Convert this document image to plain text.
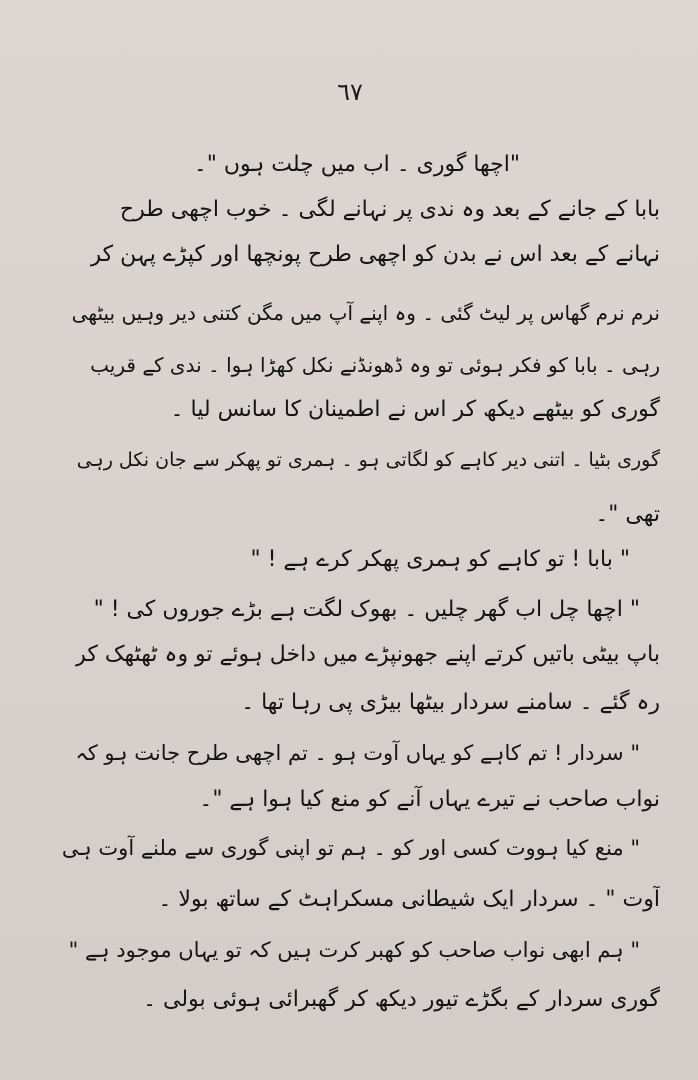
٦٧
"اچھا گوری ۔ اب میں چلت ہوں "۔
بابا کے جانے کے بعد وہ ندی پر نہانے لگی ۔ خوب اچھی طرح
نہانے کے بعد اس نے بدن کو اچھی طرح پونچھا اور کپڑے پہن کر
نرم نرم گھاس پر لیٹ گئی ۔ وہ اپنے آپ میں مگن کتنی دیر وہیں بیٹھی
رہی ۔ بابا کو فکر ہوئی تو وہ ڈھونڈنے نکل کھڑا ہوا ۔ ندی کے قریب
گوری کو بیٹھے دیکھ کر اس نے اطمینان کا سانس لیا ۔
گوری بٹیا ۔ اتنی دیر کاہے کو لگاتی ہو ۔ ہمری تو پھکر سے جان نکل رہی
تھی "۔
" بابا ! تو کاہے کو ہمری پھکر کرے ہے ! "
" اچھا چل اب گھر چلیں ۔ بھوک لگت ہے بڑے جوروں کی ! "
باپ بیٹی باتیں کرتے اپنے جھونپڑے میں داخل ہوئے تو وہ ٹھٹھک کر
رہ گئے ۔ سامنے سردار بیٹھا بیڑی پی رہا تھا ۔
" سردار ! تم کاہے کو یہاں آوت ہو ۔ تم اچھی طرح جانت ہو کہ
نواب صاحب نے تیرے یہاں آنے کو منع کیا ہوا ہے "۔
" منع کیا ہووت کسی اور کو ۔ ہم تو اپنی گوری سے ملنے آوت ہی
آوت " ۔ سردار ایک شیطانی مسکراہٹ کے ساتھ بولا ۔
" ہم ابھی نواب صاحب کو کھبر کرت ہیں کہ تو یہاں موجود ہے "
گوری سردار کے بگڑے تیور دیکھ کر گھبرائی ہوئی بولی ۔
